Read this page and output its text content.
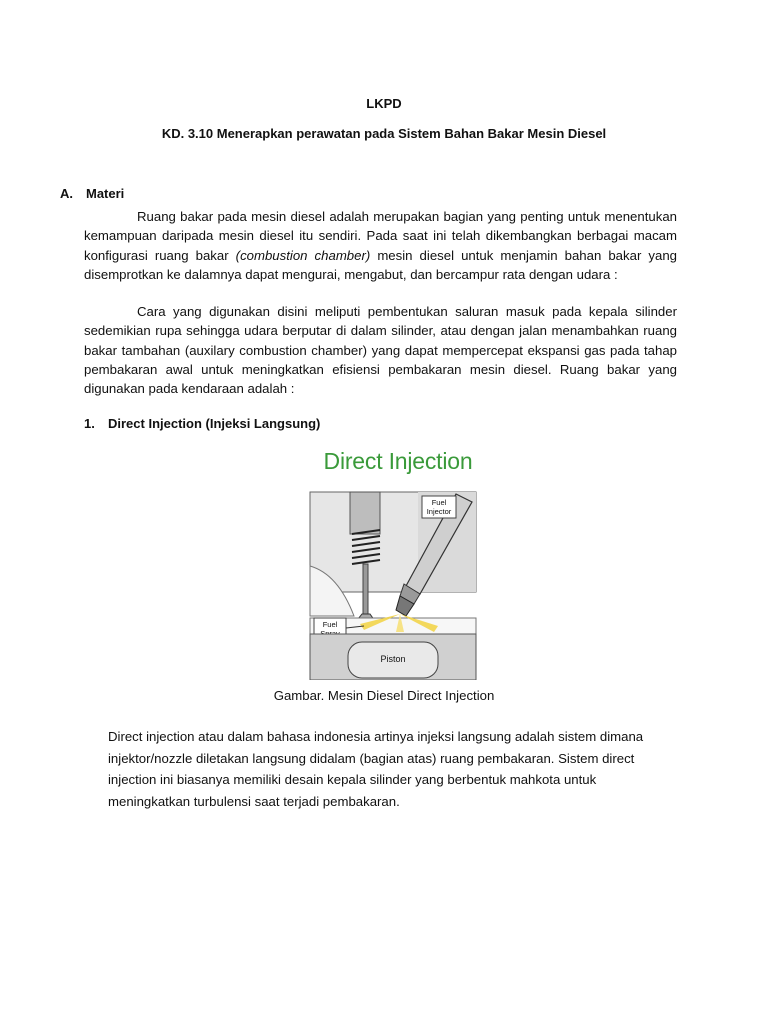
LKPD
KD. 3.10 Menerapkan perawatan pada Sistem Bahan Bakar Mesin Diesel
A. Materi

Ruang bakar pada mesin diesel adalah merupakan bagian yang penting untuk menentukan kemampuan daripada mesin diesel itu sendiri. Pada saat ini telah dikembangkan berbagai macam konfigurasi ruang bakar (combustion chamber) mesin diesel untuk menjamin bahan bakar yang disemprotkan ke dalamnya dapat mengurai, mengabut, dan bercampur rata dengan udara :

Cara yang digunakan disini meliputi pembentukan saluran masuk pada kepala silinder sedemikian rupa sehingga udara berputar di dalam silinder, atau dengan jalan menambahkan ruang bakar tambahan (auxilary combustion chamber) yang dapat mempercepat ekspansi gas pada tahap pembakaran awal untuk meningkatkan efisiensi pembakaran mesin diesel. Ruang bakar yang digunakan pada kendaraan adalah :

1. Direct Injection (Injeksi Langsung)
Direct Injection
Fuel
Injector
Fuel
Piston
Gambar. Mesin Diesel Direct Injection

Direct injection atau dalam bahasa indonesia artinya injeksi langsung adalah sistem dimana injektor/nozzle diletakan langsung didalam (bagian atas) ruang pembakaran. Sistem direct injection ini biasanya memiliki desain kepala silinder yang berbentuk mahkota untuk meningkatkan turbulensi saat terjadi pembakaran.
